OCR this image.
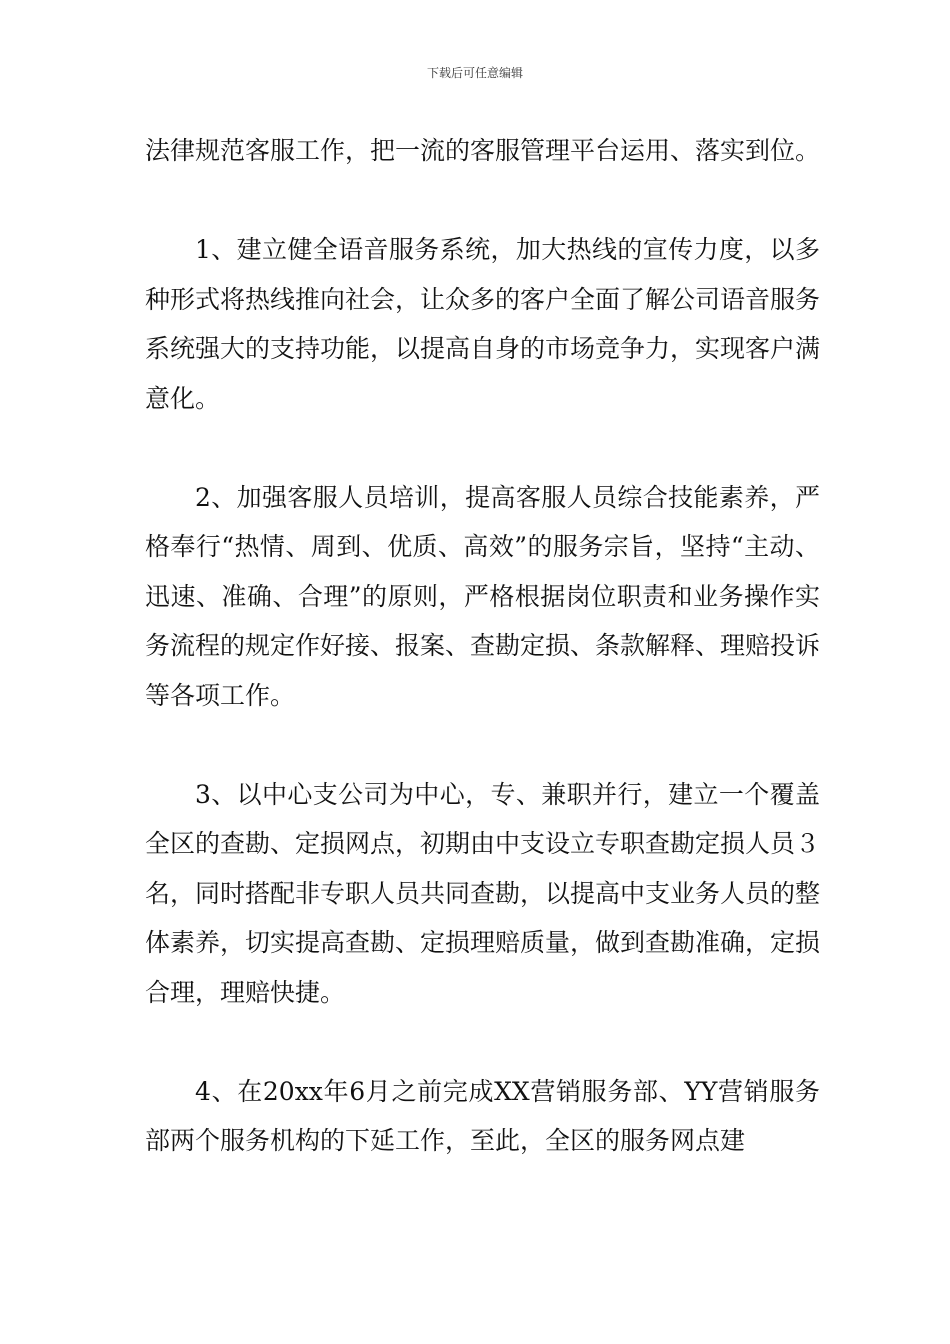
下载后可任意编辑

法律规范客服工作，把一流的客服管理平台运用、落实到位。

1、建立健全语音服务系统，加大热线的宣传力度，以多种形式将热线推向社会，让众多的客户全面了解公司语音服务系统强大的支持功能，以提高自身的市场竞争力，实现客户满意化。

2、加强客服人员培训，提高客服人员综合技能素养，严格奉行“热情、周到、优质、高效”的服务宗旨，坚持“主动、迅速、准确、合理”的原则，严格根据岗位职责和业务操作实务流程的规定作好接、报案、查勘定损、条款解释、理赔投诉等各项工作。

3、以中心支公司为中心，专、兼职并行，建立一个覆盖全区的查勘、定损网点，初期由中支设立专职查勘定损人员３名，同时搭配非专职人员共同查勘，以提高中支业务人员的整体素养，切实提高查勘、定损理赔质量，做到查勘准确，定损合理，理赔快捷。

4、在20xx年6月之前完成XX营销服务部、YY营销服务部两个服务机构的下延工作，至此，全区的服务网点建
